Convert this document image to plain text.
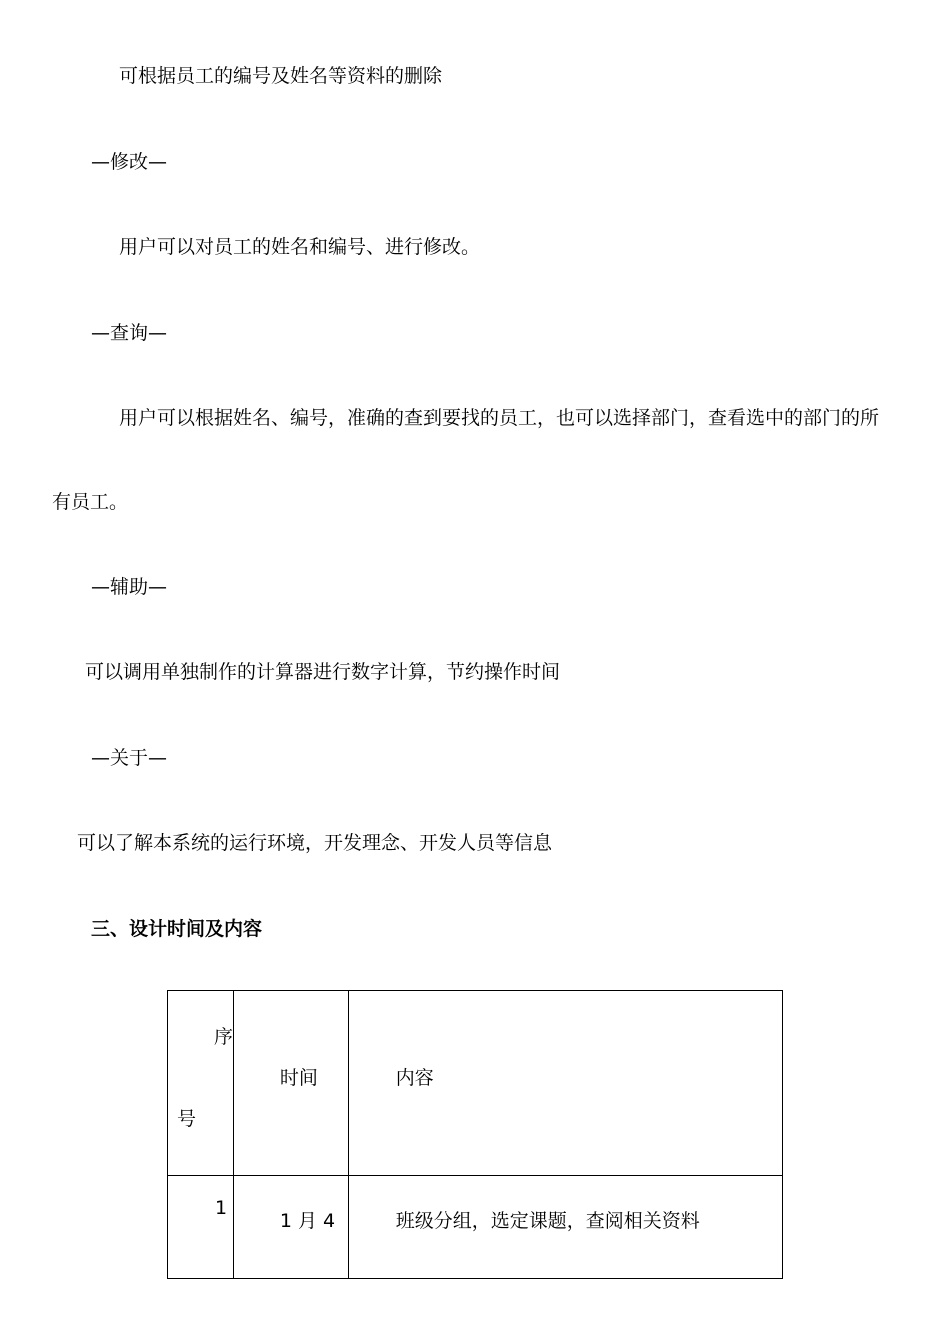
可根据员工的编号及姓名等资料的删除
—修改—
用户可以对员工的姓名和编号、进行修改。
—查询—
用户可以根据姓名、编号，准确的查到要找的员工，也可以选择部门，查看选中的部门的所
有员工。
—辅助—
可以调用单独制作的计算器进行数字计算，节约操作时间
—关于—
可以了解本系统的运行环境，开发理念、开发人员等信息
三、设计时间及内容
序
号	时间	内容

1	1 月 4	班级分组，选定课题，查阅相关资料
